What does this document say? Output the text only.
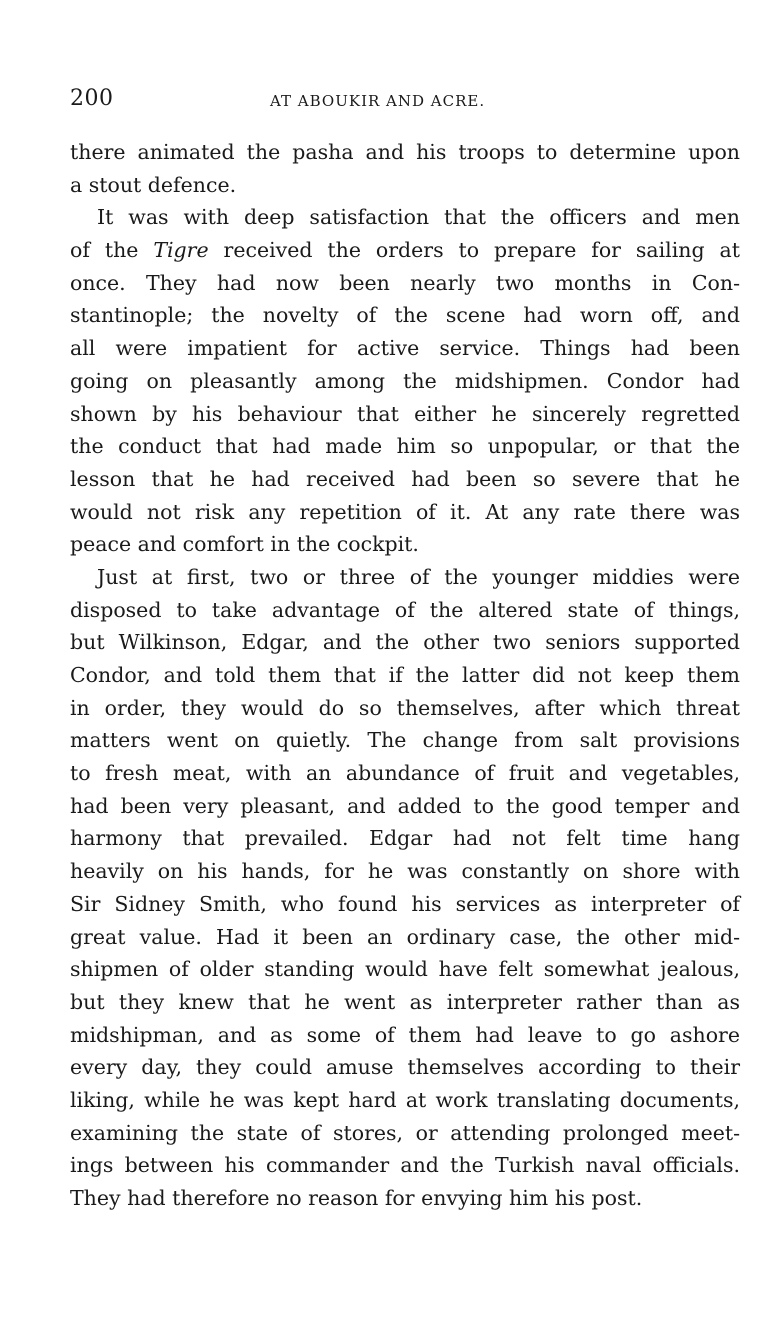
200	AT ABOUKIR AND ACRE.
there animated the pasha and his troops to determine upon
a stout defence.
It was with deep satisfaction that the officers and men
of the Tigre received the orders to prepare for sailing at
once. They had now been nearly two months in Con-
stantinople; the novelty of the scene had worn off, and
all were impatient for active service. Things had been
going on pleasantly among the midshipmen. Condor had
shown by his behaviour that either he sincerely regretted
the conduct that had made him so unpopular, or that the
lesson that he had received had been so severe that he
would not risk any repetition of it. At any rate there was
peace and comfort in the cockpit.
Just at first, two or three of the younger middies were
disposed to take advantage of the altered state of things,
but Wilkinson, Edgar, and the other two seniors supported
Condor, and told them that if the latter did not keep them
in order, they would do so themselves, after which threat
matters went on quietly. The change from salt provisions
to fresh meat, with an abundance of fruit and vegetables,
had been very pleasant, and added to the good temper and
harmony that prevailed. Edgar had not felt time hang
heavily on his hands, for he was constantly on shore with
Sir Sidney Smith, who found his services as interpreter of
great value. Had it been an ordinary case, the other mid-
shipmen of older standing would have felt somewhat jealous,
but they knew that he went as interpreter rather than as
midshipman, and as some of them had leave to go ashore
every day, they could amuse themselves according to their
liking, while he was kept hard at work translating documents,
examining the state of stores, or attending prolonged meet-
ings between his commander and the Turkish naval officials.
They had therefore no reason for envying him his post.
